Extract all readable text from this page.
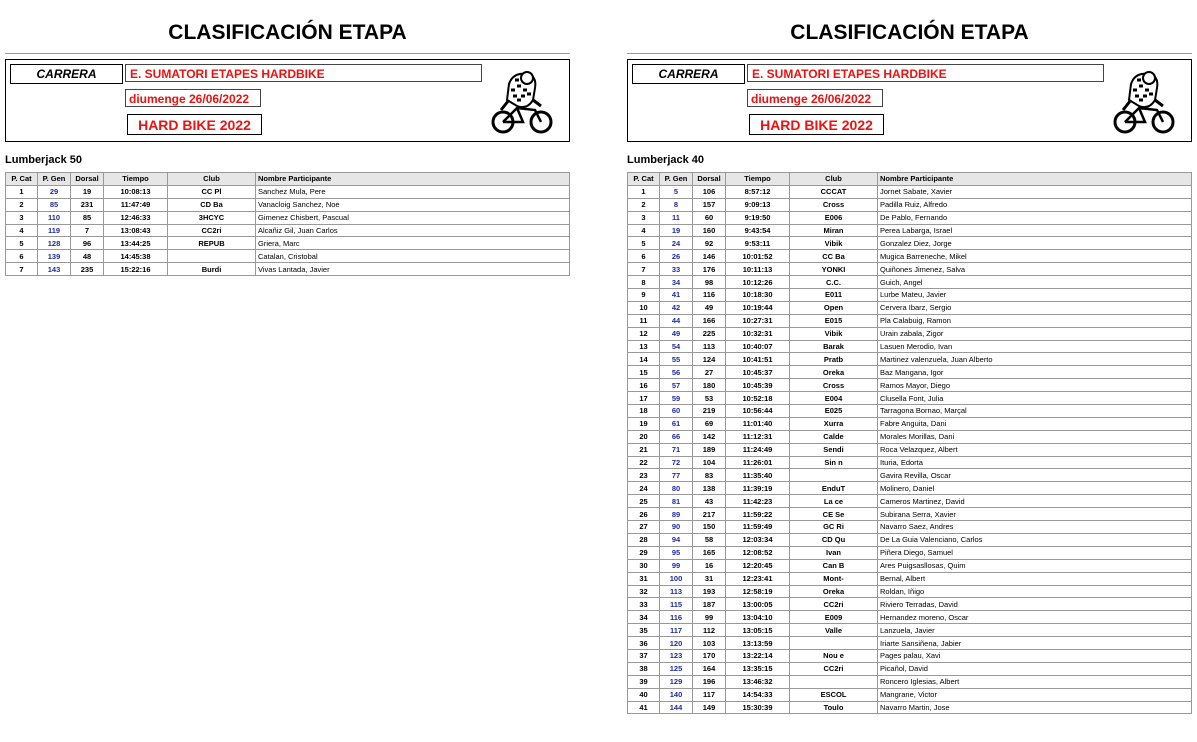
CLASIFICACIÓN ETAPA
CARRERA	E. SUMATORI ETAPES HARDBIKE
diumenge 26/06/2022
HARD BIKE 2022
Lumberjack 50
P. Cat	P. Gen	Dorsal	Tiempo	Club	Nombre Participante
1	29	19	10:08:13	CC Pl	Sanchez Mula, Pere
2	85	231	11:47:49	CD Ba	Vanacloig Sanchez, Noe
3	110	85	12:46:33	3HCYC	Gimenez Chisbert, Pascual
4	119	7	13:08:43	CC2ri	Alcañiz Gil, Juan Carlos
5	128	96	13:44:25	REPUB	Griera, Marc
6	139	48	14:45:38		Catalan, Cristobal
7	143	235	15:22:16	Burdi	Vivas Lantada, Javier
CLASIFICACIÓN ETAPA
CARRERA	E. SUMATORI ETAPES HARDBIKE
diumenge 26/06/2022
HARD BIKE 2022
Lumberjack 40
P. Cat	P. Gen	Dorsal	Tiempo	Club	Nombre Participante
1	5	106	8:57:12	CCCAT	Jornet Sabate, Xavier
2	8	157	9:09:13	Cross	Padilla Ruiz, Alfredo
3	11	60	9:19:50	E006	De Pablo, Fernando
4	19	160	9:43:54	Miran	Perea Labarga, Israel
5	24	92	9:53:11	Vibik	Gonzalez Diez, Jorge
6	26	146	10:01:52	CC Ba	Mugica Barreneche, Mikel
7	33	176	10:11:13	YONKI	Quiñones Jimenez, Salva
8	34	98	10:12:26	C.C.	Guich, Angel
9	41	116	10:18:30	E011	Lurbe Mateu, Javier
10	42	49	10:19:44	Open	Cervera Ibarz, Sergio
11	44	166	10:27:31	E015	Pla Calabuig, Ramon
12	49	225	10:32:31	Vibik	Urain zabala, Zigor
13	54	113	10:40:07	Barak	Lasuen Merodio, Ivan
14	55	124	10:41:51	Pratb	Martinez valenzuela, Juan Alberto
15	56	27	10:45:37	Oreka	Baz Mangana, Igor
16	57	180	10:45:39	Cross	Ramos Mayor, Diego
17	59	53	10:52:18	E004	Clusella Font, Julia
18	60	219	10:56:44	E025	Tarragona Bornao, Marçal
19	61	69	11:01:40	Xurra	Fabre Anguita, Dani
20	66	142	11:12:31	Calde	Morales Morillas, Dani
21	71	189	11:24:49	Sendi	Roca Velazquez, Albert
22	72	104	11:26:01	Sin n	Ituria, Edorta
23	77	83	11:35:40		Gavira Revilla, Oscar
24	80	138	11:39:19	EnduT	Molinero, Daniel
25	81	43	11:42:23	La ce	Cameros Martinez, David
26	89	217	11:59:22	CE Se	Subirana Serra, Xavier
27	90	150	11:59:49	GC Ri	Navarro Saez, Andres
28	94	58	12:03:34	CD Qu	De La Guia Valenciano, Carlos
29	95	165	12:08:52	Ivan	Piñera Diego, Samuel
30	99	16	12:20:45	Can B	Ares Puigsasllosas, Quim
31	100	31	12:23:41	Mont-	Bernal, Albert
32	113	193	12:58:19	Oreka	Roldan, Iñigo
33	115	187	13:00:05	CC2ri	Riviero Terradas, David
34	116	99	13:04:10	E009	Hernandez moreno, Oscar
35	117	112	13:05:15	Valle	Lanzuela, Javier
36	120	103	13:13:59		Iriarte Sansiñena, Jabier
37	123	170	13:22:14	Nou e	Pages palau, Xavi
38	125	164	13:35:15	CC2ri	Picañol, David
39	129	196	13:46:32		Roncero Iglesias, Albert
40	140	117	14:54:33	ESCOL	Mangrane, Victor
41	144	149	15:30:39	Toulo	Navarro Martin, Jose
